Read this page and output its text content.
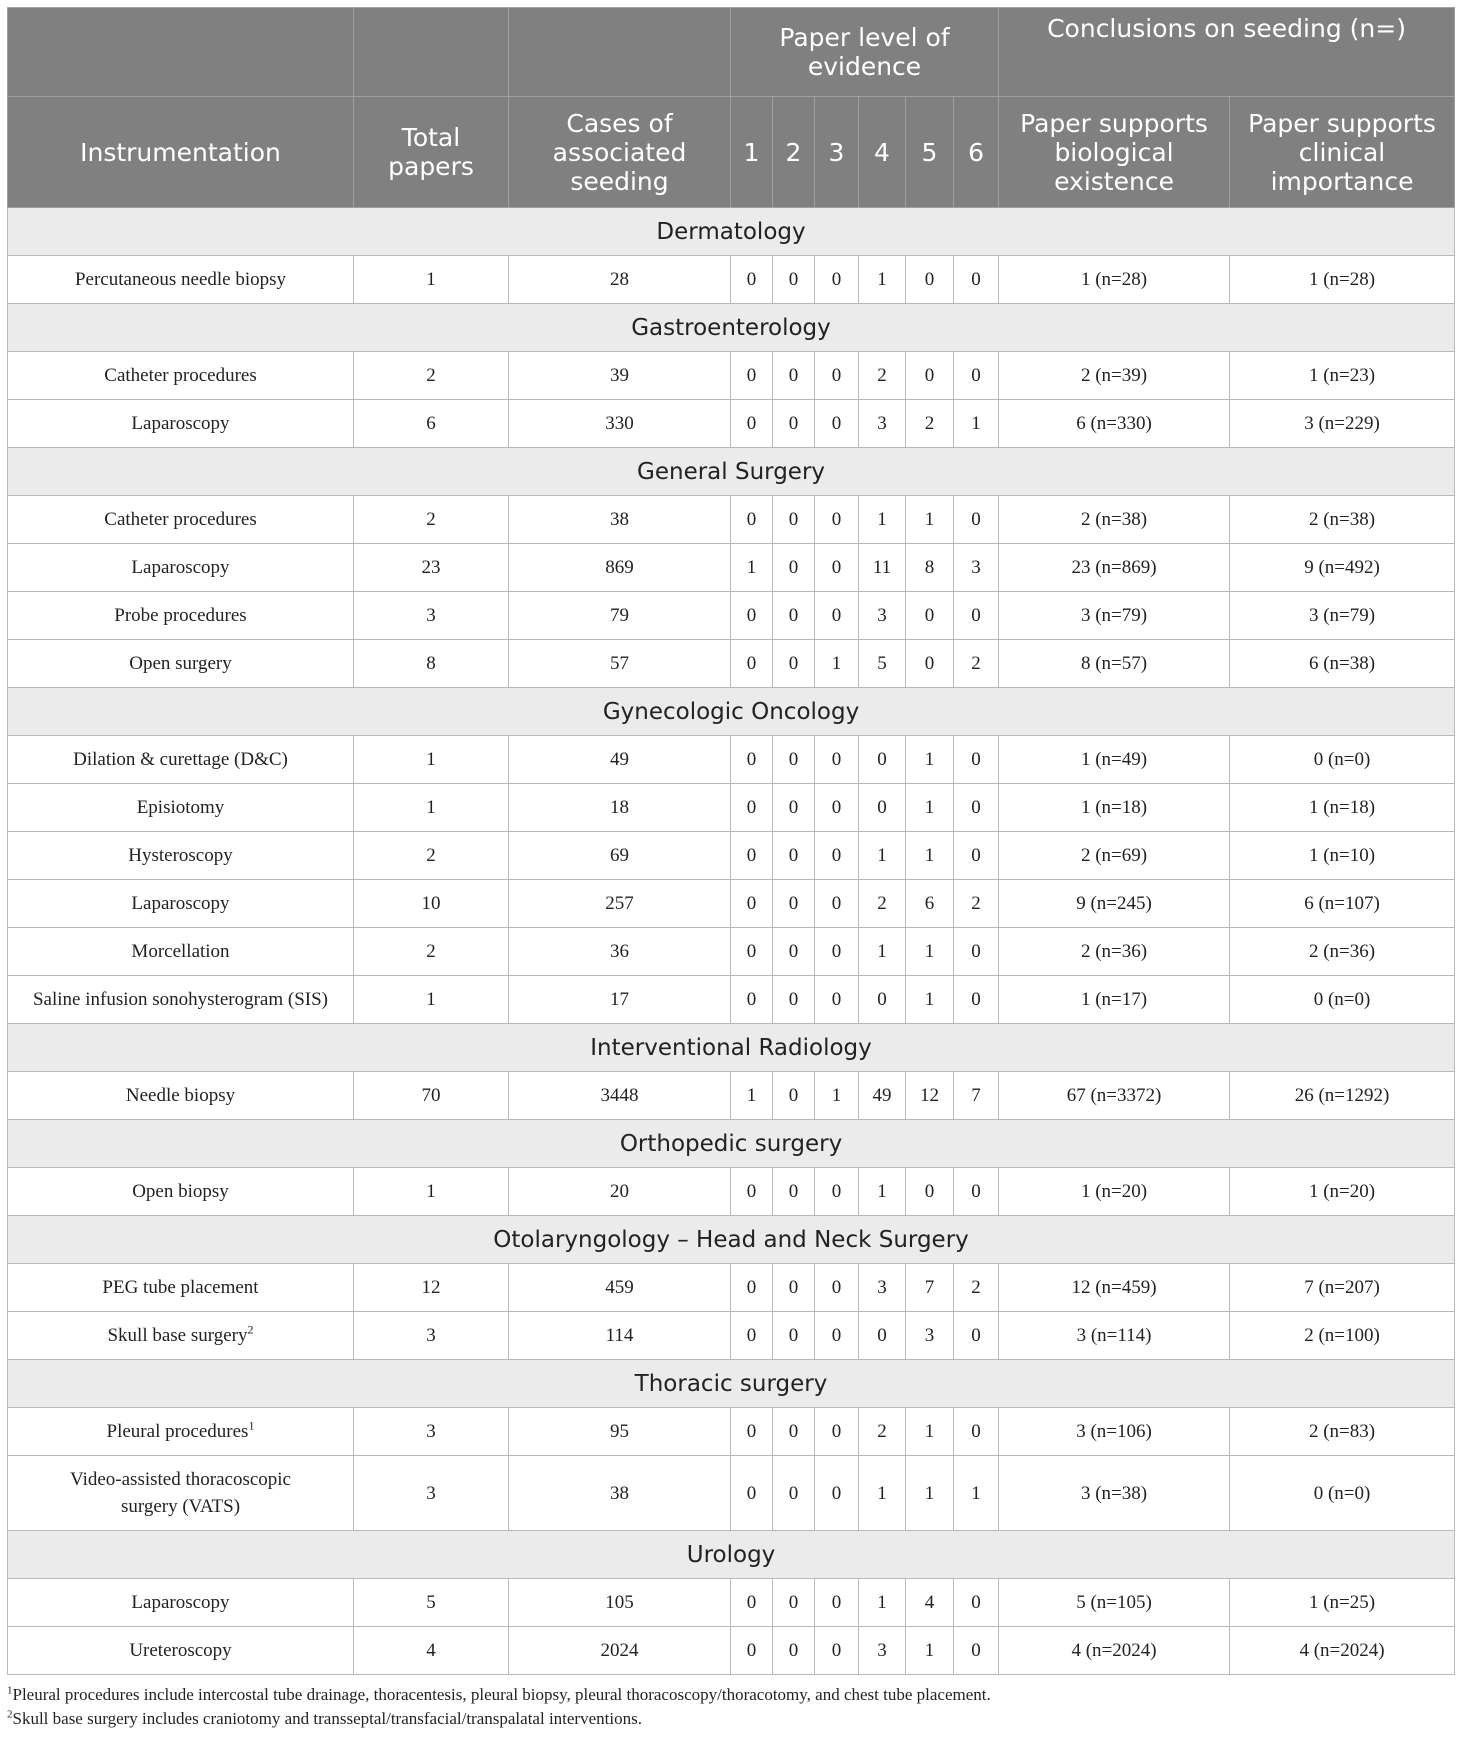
			Paper level of evidence						Conclusions on seeding (n=)	
Instrumentation	Total papers	Cases of associated seeding	1	2	3	4	5	6	Paper supports biological existence	Paper supports clinical importance
Dermatology										
Percutaneous needle biopsy	1	28	0	0	0	1	0	0	1 (n=28)	1 (n=28)
Gastroenterology										
Catheter procedures	2	39	0	0	0	2	0	0	2 (n=39)	1 (n=23)
Laparoscopy	6	330	0	0	0	3	2	1	6 (n=330)	3 (n=229)
General Surgery										
Catheter procedures	2	38	0	0	0	1	1	0	2 (n=38)	2 (n=38)
Laparoscopy	23	869	1	0	0	11	8	3	23 (n=869)	9 (n=492)
Probe procedures	3	79	0	0	0	3	0	0	3 (n=79)	3 (n=79)
Open surgery	8	57	0	0	1	5	0	2	8 (n=57)	6 (n=38)
Gynecologic Oncology										
Dilation & curettage (D&C)	1	49	0	0	0	0	1	0	1 (n=49)	0 (n=0)
Episiotomy	1	18	0	0	0	0	1	0	1 (n=18)	1 (n=18)
Hysteroscopy	2	69	0	0	0	1	1	0	2 (n=69)	1 (n=10)
Laparoscopy	10	257	0	0	0	2	6	2	9 (n=245)	6 (n=107)
Morcellation	2	36	0	0	0	1	1	0	2 (n=36)	2 (n=36)
Saline infusion sonohysterogram (SIS)	1	17	0	0	0	0	1	0	1 (n=17)	0 (n=0)
Interventional Radiology										
Needle biopsy	70	3448	1	0	1	49	12	7	67 (n=3372)	26 (n=1292)
Orthopedic surgery										
Open biopsy	1	20	0	0	0	1	0	0	1 (n=20)	1 (n=20)
Otolaryngology – Head and Neck Surgery										
PEG tube placement	12	459	0	0	0	3	7	2	12 (n=459)	7 (n=207)
Skull base surgery$^2$	3	114	0	0	0	0	3	0	3 (n=114)	2 (n=100)
Thoracic surgery										
Pleural procedures$^1$	3	95	0	0	0	2	1	0	3 (n=106)	2 (n=83)
Video-assisted thoracoscopic surgery (VATS)	3	38	0	0	0	1	1	1	3 (n=38)	0 (n=0)
Urology										
Laparoscopy	5	105	0	0	0	1	4	0	5 (n=105)	1 (n=25)
Ureteroscopy	4	2024	0	0	0	3	1	0	4 (n=2024)	4 (n=2024)
$^1$Pleural procedures include intercostal tube drainage, thoracentesis, pleural biopsy, pleural thoracoscopy/thoracotomy, and chest tube placement.
$^2$Skull base surgery includes craniotomy and transseptal/transfacial/transpalatal interventions.
